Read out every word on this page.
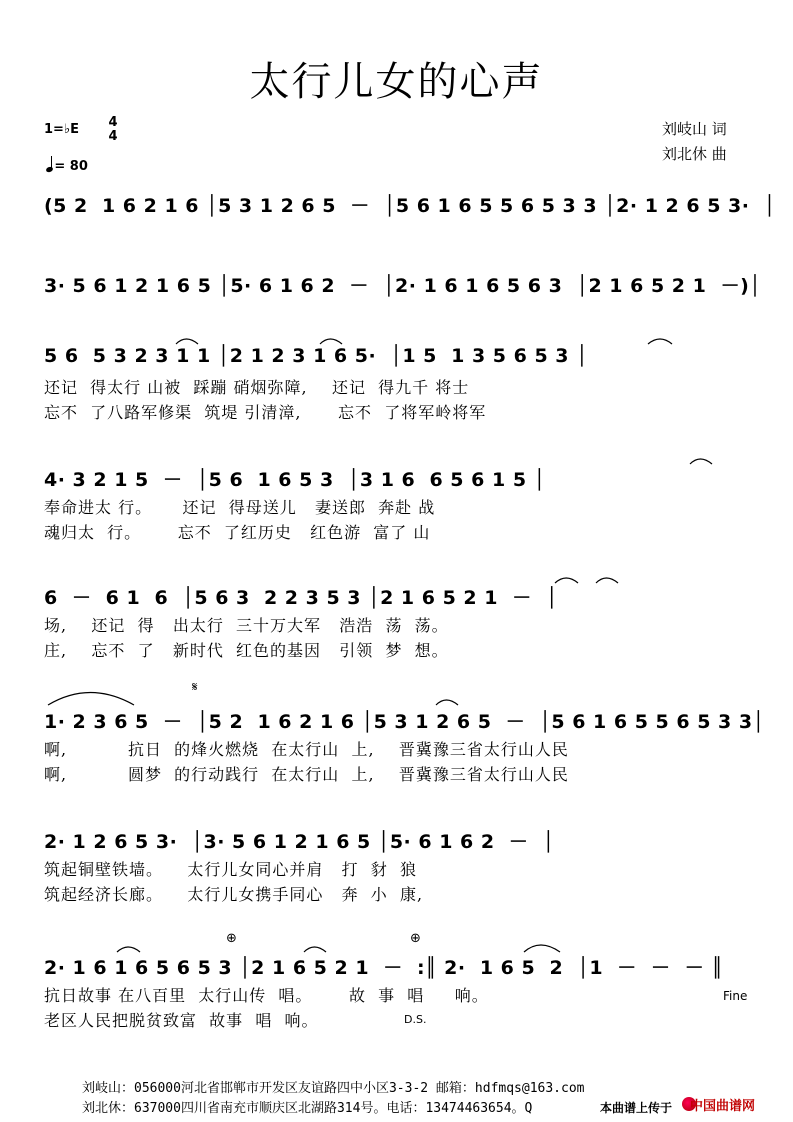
太行儿女的心声
1=♭E 4
4
= 80
刘岐山 词
刘北休 曲
(5 2  1 6 2 1 6 │5 3 1 2 6 5  －  │5 6 1 6 5 5 6 5 3 3 │2· 1 2 6 5 3·  │
3· 5 6 1 2 1 6 5 │5· 6 1 6 2  －  │2· 1 6 1 6 5 6 3  │2 1 6 5 2 1  －)│
5 6  5 3 2 3 1 1 │2 1 2 3 1 6 5·  │1 5  1 3 5 6 5 3 │
还记  得太行 山被  踩蹦 硝烟弥障,    还记  得九千 将士
忘不  了八路军修渠  筑堤 引清漳,      忘不  了将军岭将军
4· 3 2 1 5  －  │5 6  1 6 5 3  │3 1 6  6 5 6 1 5 │
奉命进太 行。     还记  得母送儿   妻送郎  奔赴 战
魂归太  行。      忘不  了红历史   红色游  富了 山
6  －  6 1  6  │5 6 3  2 2 3 5 3 │2 1 6 5 2 1  －  │
场,    还记  得   出太行  三十万大军   浩浩  荡  荡。
庄,    忘不  了   新时代  红色的基因   引领  梦  想。
𝄋
1· 2 3 6 5  －  │5 2  1 6 2 1 6 │5 3 1 2 6 5  －  │5 6 1 6 5 5 6 5 3 3│
啊,          抗日  的烽火燃烧  在太行山  上,    晋冀豫三省太行山人民
啊,          圆梦  的行动践行  在太行山  上,    晋冀豫三省太行山人民
2· 1 2 6 5 3·  │3· 5 6 1 2 1 6 5 │5· 6 1 6 2  －  │
筑起铜壁铁墙。    太行儿女同心并肩   打  豺  狼
筑起经济长廊。    太行儿女携手同心   奔  小  康,
⊕	⊕
2· 1 6 1 6 5 6 5 3 │2 1 6 5 2 1  －  :║ 2·  1 6 5  2  │1  －  －  － ║
抗日故事 在八百里  太行山传  唱。      故  事  唱     响。
老区人民把脱贫致富  故事  唱  响。
Fine
D.S.
刘岐山：056000河北省邯郸市开发区友谊路四中小区3-3-2 邮箱：hdfmqs@163.com
刘北休：637000四川省南充市顺庆区北湖路314号。电话：13474463654。Q	本曲谱上传于 中国曲谱网
